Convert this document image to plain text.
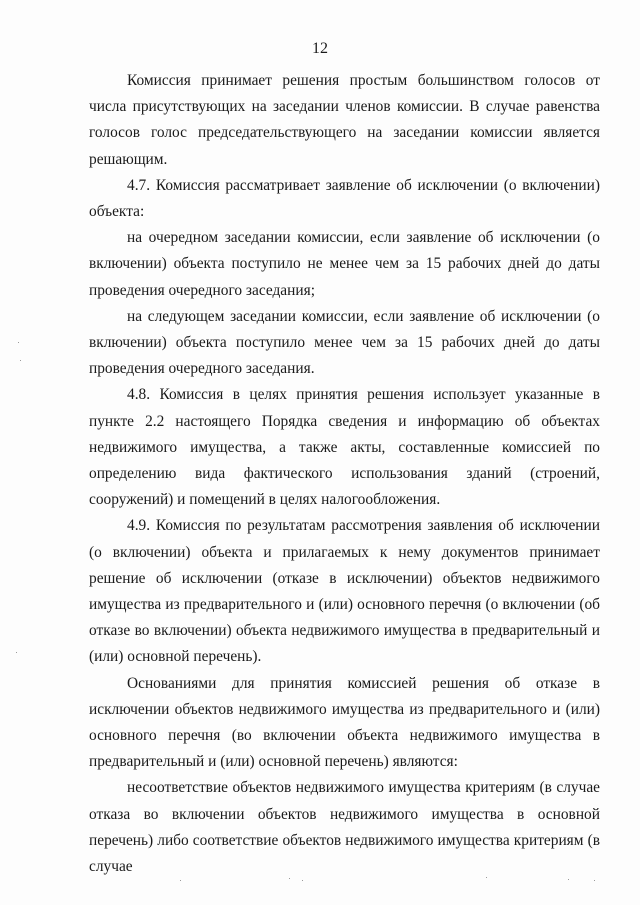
12

Комиссия принимает решения простым большинством голосов от числа присутствующих на заседании членов комиссии. В случае равенства голосов голос председательствующего на заседании комиссии является решающим.

4.7. Комиссия рассматривает заявление об исключении (о включении) объекта:

на очередном заседании комиссии, если заявление об исключении (о включении) объекта поступило не менее чем за 15 рабочих дней до даты проведения очередного заседания;

на следующем заседании комиссии, если заявление об исключении (о включении) объекта поступило менее чем за 15 рабочих дней до даты проведения очередного заседания.

4.8. Комиссия в целях принятия решения использует указанные в пункте 2.2 настоящего Порядка сведения и информацию об объектах недвижимого имущества, а также акты, составленные комиссией по определению вида фактического использования зданий (строений, сооружений) и помещений в целях налогообложения.

4.9. Комиссия по результатам рассмотрения заявления об исключении (о включении) объекта и прилагаемых к нему документов принимает решение об исключении (отказе в исключении) объектов недвижимого имущества из предварительного и (или) основного перечня (о включении (об отказе во включении) объекта недвижимого имущества в предварительный и (или) основной перечень).

Основаниями для принятия комиссией решения об отказе в исключении объектов недвижимого имущества из предварительного и (или) основного перечня (во включении объекта недвижимого имущества в предварительный и (или) основной перечень) являются:

несоответствие объектов недвижимого имущества критериям (в случае отказа во включении объектов недвижимого имущества в основной перечень) либо соответствие объектов недвижимого имущества критериям (в случае
